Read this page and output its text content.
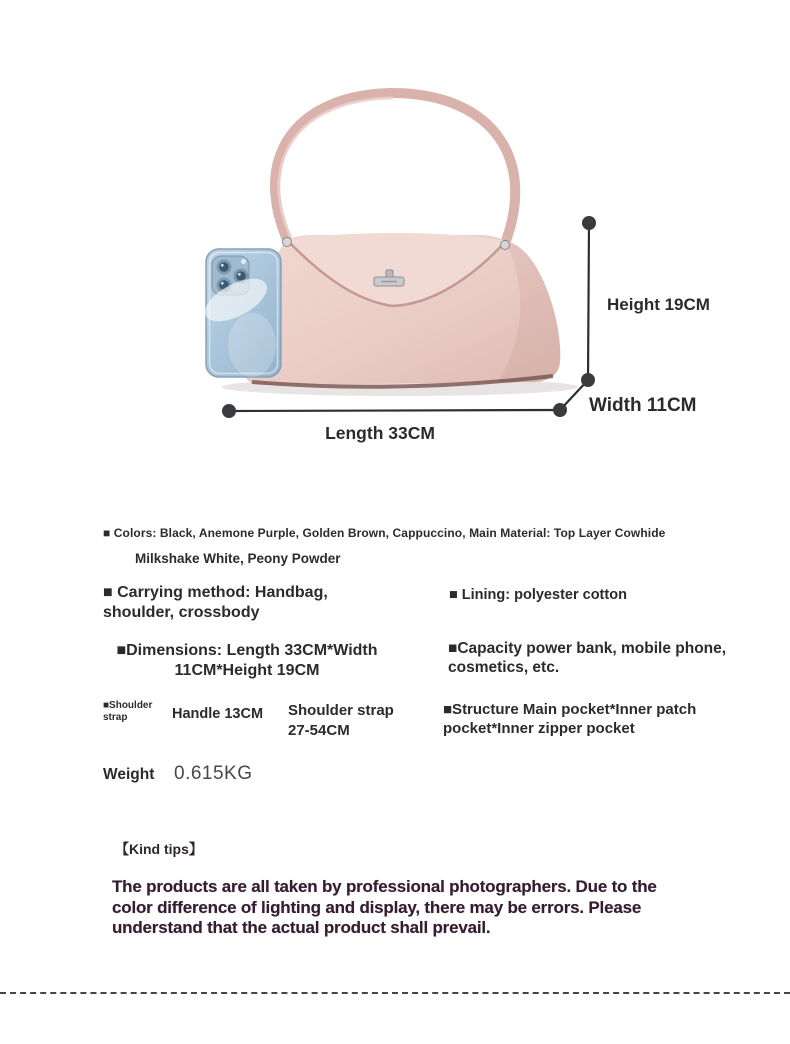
Height 19CM
Width 11CM
Length 33CM
■ Colors: Black, Anemone Purple, Golden Brown, Cappuccino, Main Material: Top Layer Cowhide
Milkshake White, Peony Powder
■ Carrying method: Handbag,
shoulder, crossbody
■ Lining: polyester cotton
■Dimensions: Length 33CM*Width
11CM*Height 19CM
■Capacity power bank, mobile phone,
cosmetics, etc.
■Shoulder
strap	Handle 13CM Shoulder strap
27-54CM
■Structure Main pocket*Inner patch
pocket*Inner zipper pocket
Weight 0.615KG
【Kind tips】
The products are all taken by professional photographers. Due to the color difference of lighting and display, there may be errors. Please understand that the actual product shall prevail.
